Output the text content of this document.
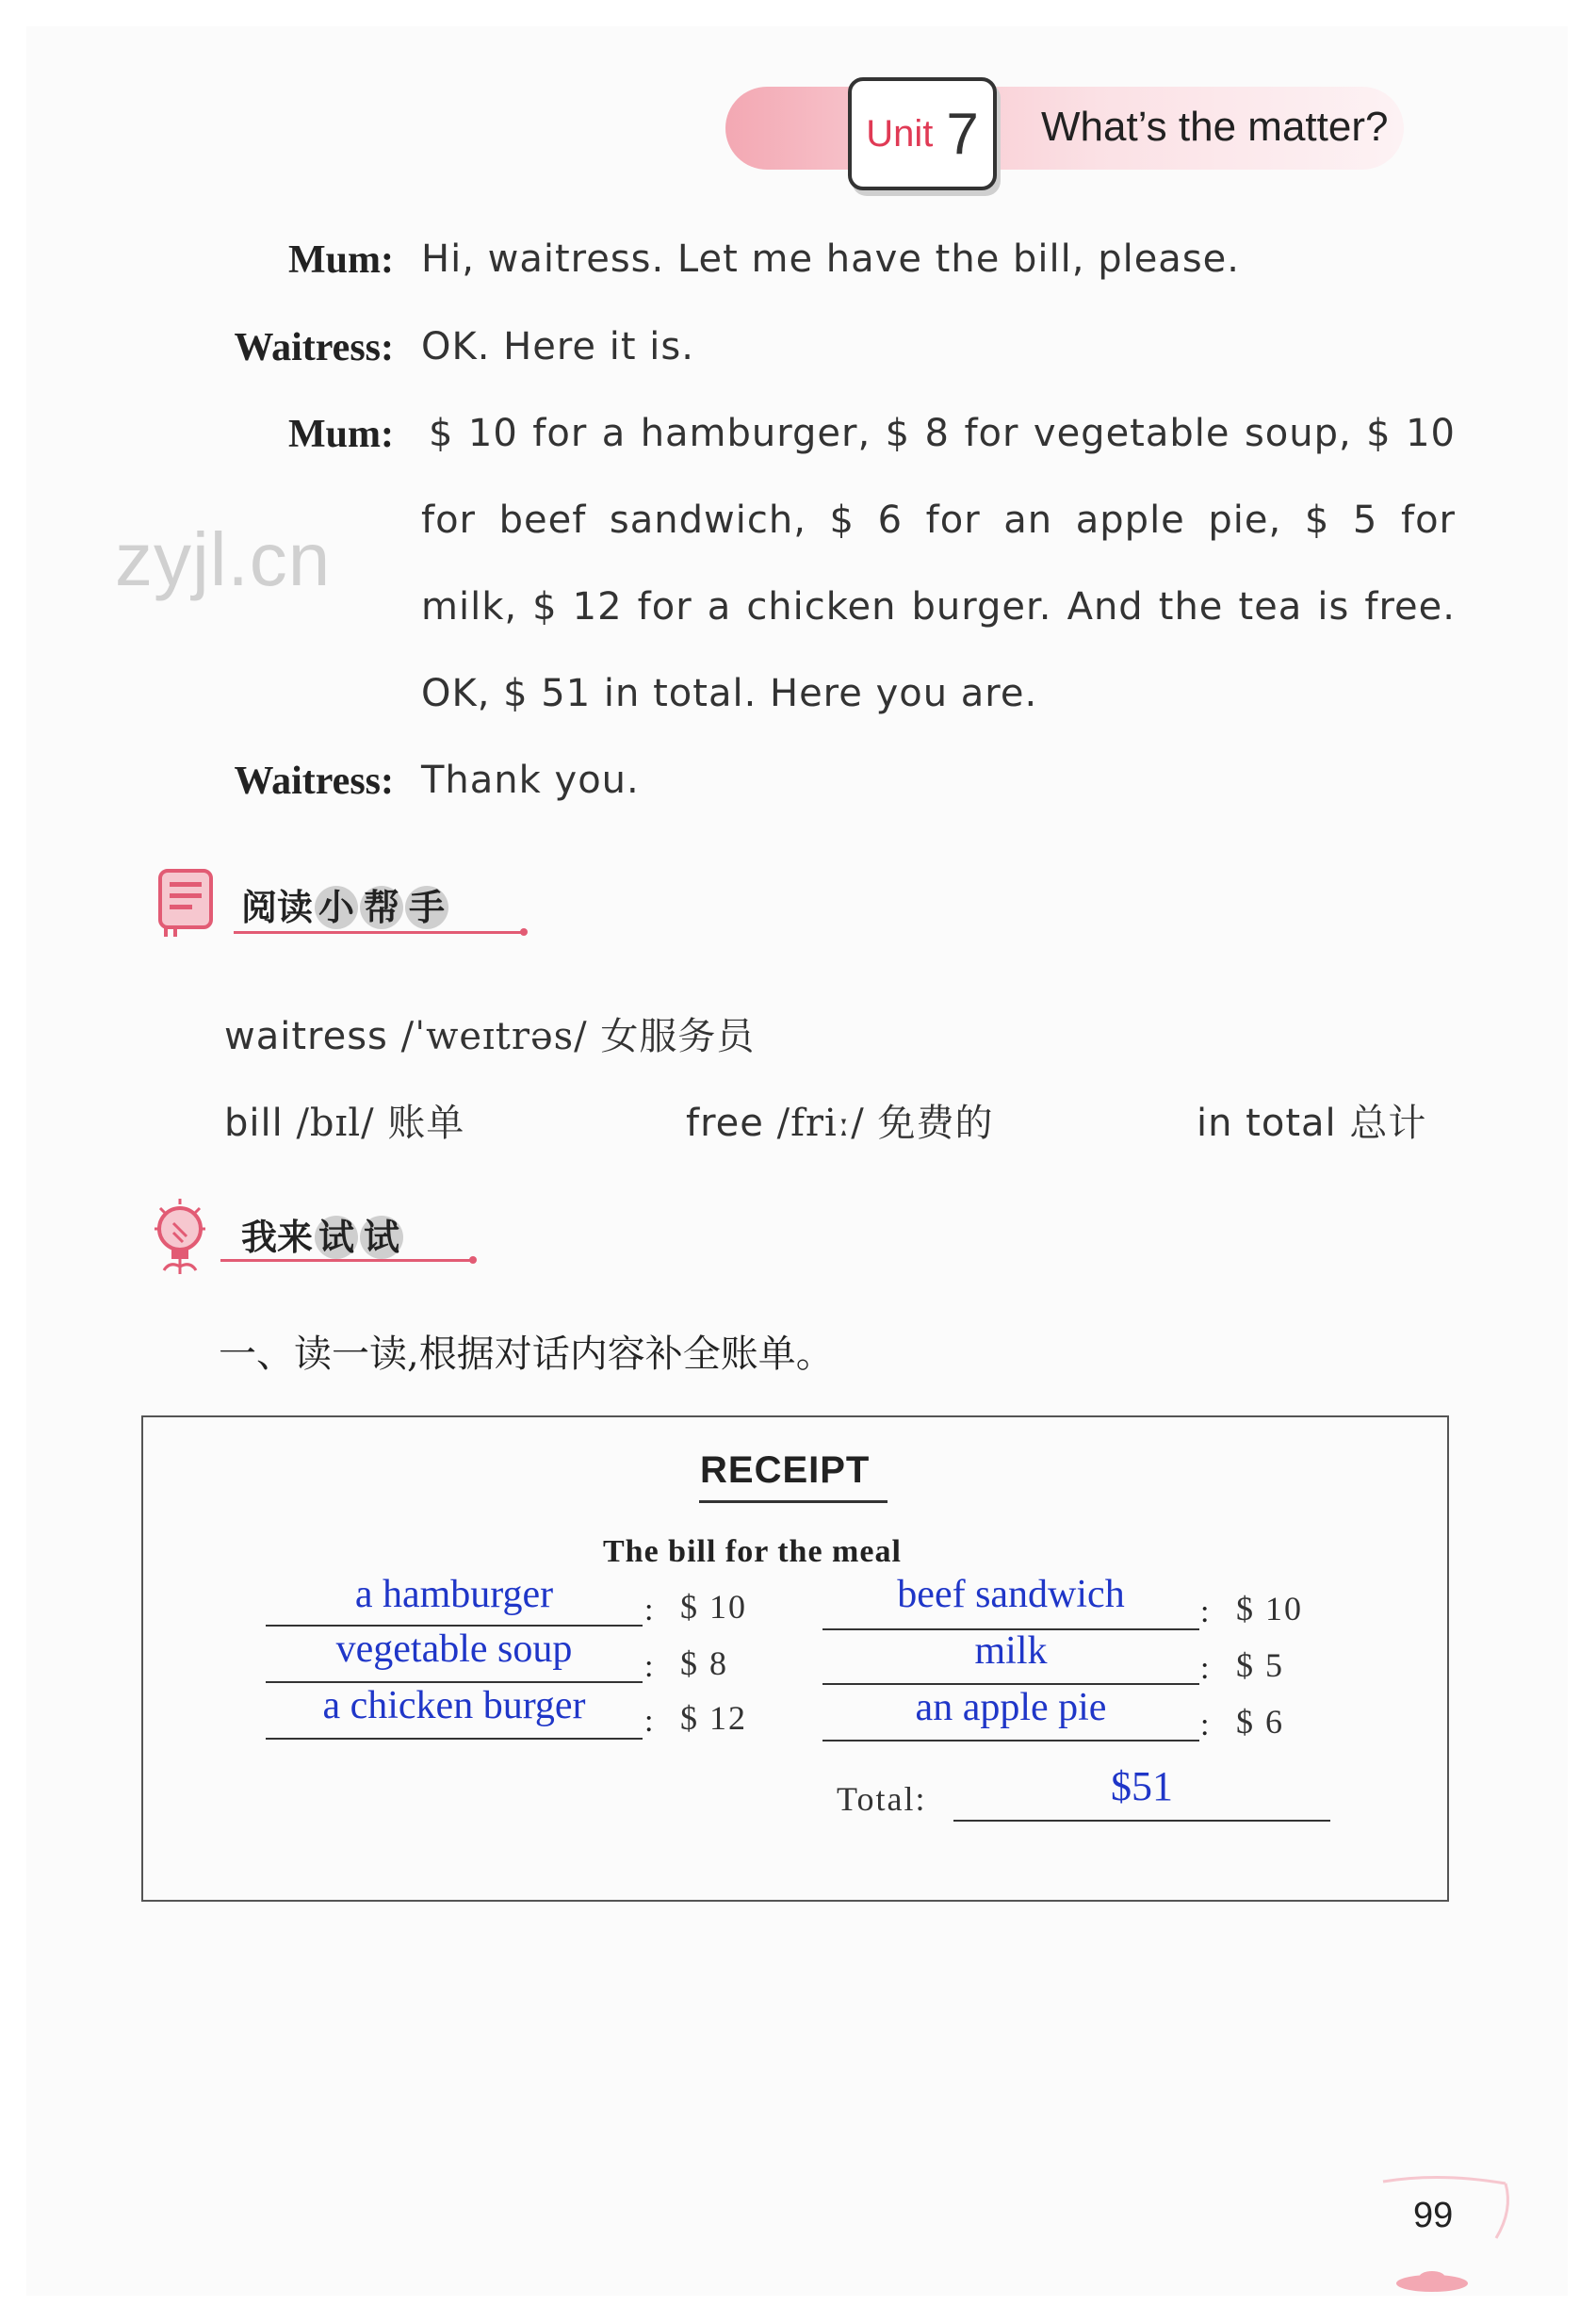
Unit 7 What’s the matter?
zyjl.cn
Mum: Hi, waitress. Let me have the bill, please.
Waitress: OK. Here it is.
Mum: $ 10 for a hamburger, $ 8 for vegetable soup, $ 10
for beef sandwich, $ 6 for an apple pie, $ 5 for
milk, $ 12 for a chicken burger. And the tea is free.
OK, $ 51 in total. Here you are.
Waitress: Thank you.
阅读 小 帮 手
waitress /ˈweɪtrəs/ 女服务员
bill /bɪl/ 账单	free /friː/ 免费的	in total 总计
我来 试 试
一、读一读,根据对话内容补全账单。
RECEIPT
The bill for the meal
a hamburger	: $ 10
vegetable soup	: $ 8
a chicken burger	: $ 12
beef sandwich	: $ 10
milk	: $ 5
an apple pie	: $ 6
Total:	$51
99
